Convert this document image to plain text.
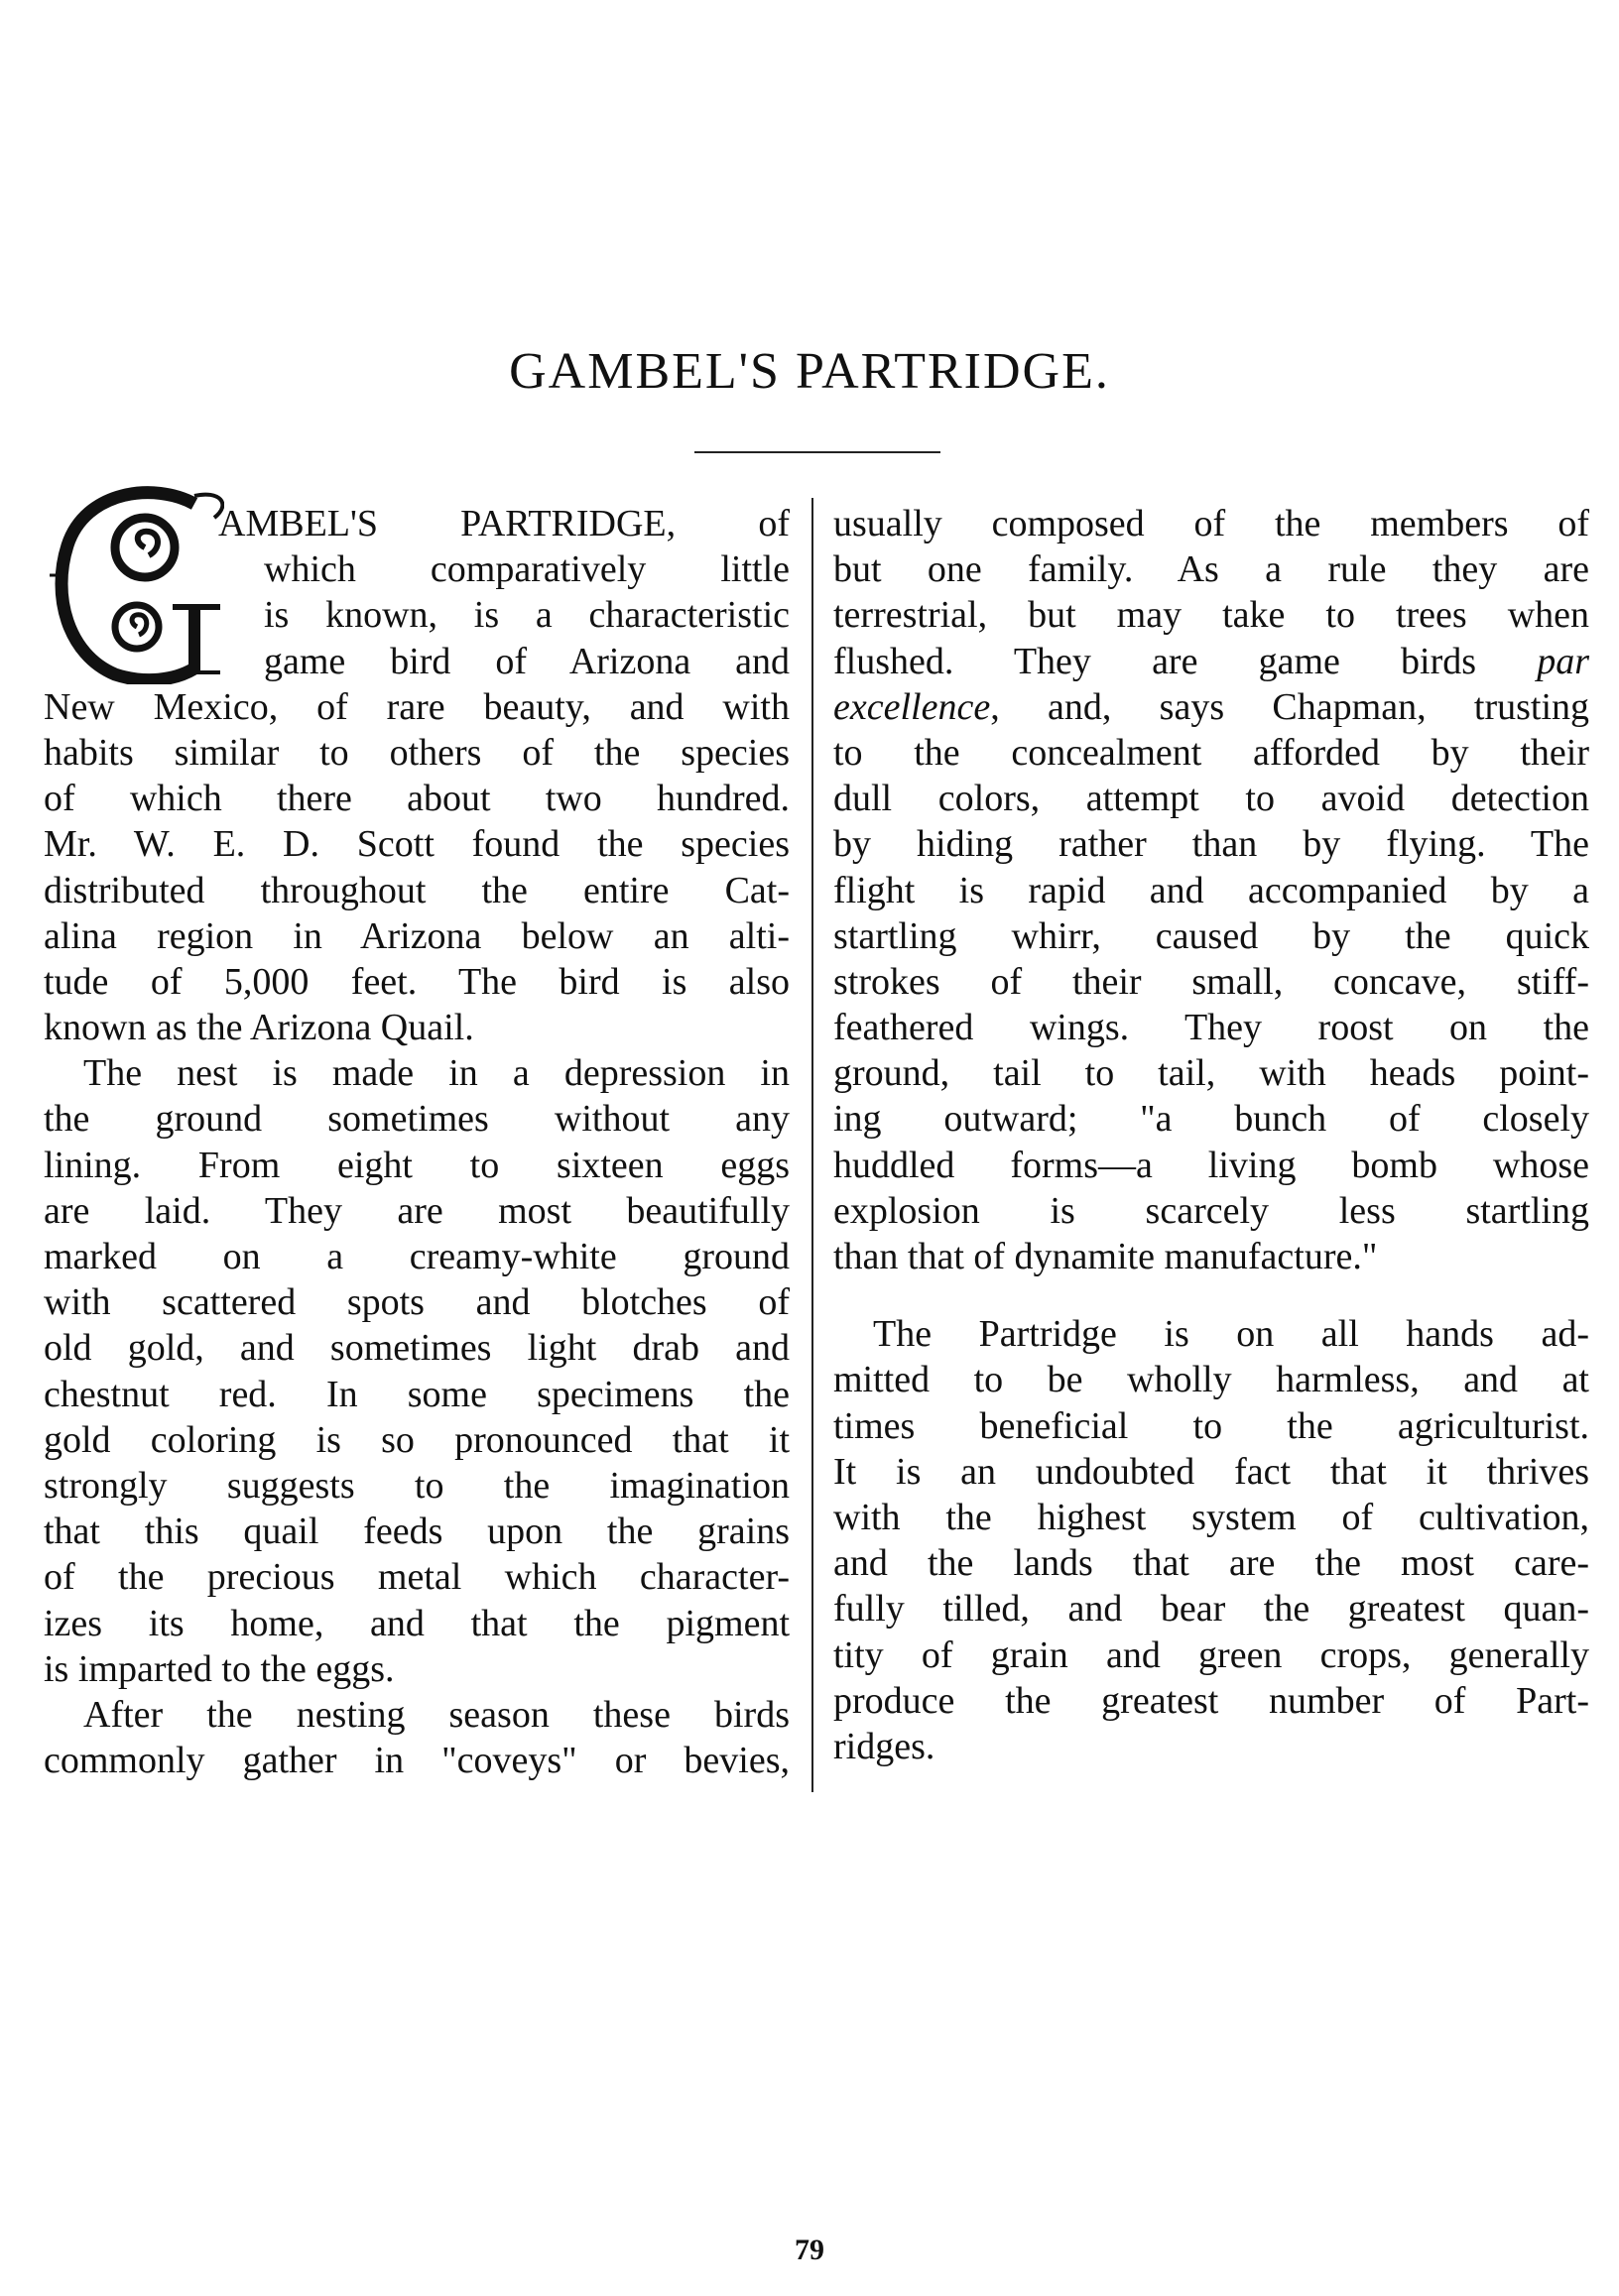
GAMBEL'S PARTRIDGE.
AMBEL'S PARTRIDGE, of
which comparatively little
is known, is a characteristic
game bird of Arizona and
New Mexico, of rare beauty, and with
habits similar to others of the species
of which there about two hundred.
Mr. W. E. D. Scott found the species
distributed throughout the entire Cat-
alina region in Arizona below an alti-
tude of 5,000 feet. The bird is also
known as the Arizona Quail.
The nest is made in a depression in
the ground sometimes without any
lining. From eight to sixteen eggs
are laid. They are most beautifully
marked on a creamy-white ground
with scattered spots and blotches of
old gold, and sometimes light drab and
chestnut red. In some specimens the
gold coloring is so pronounced that it
strongly suggests to the imagination
that this quail feeds upon the grains
of the precious metal which character-
izes its home, and that the pigment
is imparted to the eggs.
After the nesting season these birds
commonly gather in "coveys" or bevies,
usually composed of the members of
but one family. As a rule they are
terrestrial, but may take to trees when
flushed. They are game birds par
excellence, and, says Chapman, trusting
to the concealment afforded by their
dull colors, attempt to avoid detection
by hiding rather than by flying. The
flight is rapid and accompanied by a
startling whirr, caused by the quick
strokes of their small, concave, stiff-
feathered wings. They roost on the
ground, tail to tail, with heads point-
ing outward; "a bunch of closely
huddled forms—a living bomb whose
explosion is scarcely less startling
than that of dynamite manufacture."
The Partridge is on all hands ad-
mitted to be wholly harmless, and at
times beneficial to the agriculturist.
It is an undoubted fact that it thrives
with the highest system of cultivation,
and the lands that are the most care-
fully tilled, and bear the greatest quan-
tity of grain and green crops, generally
produce the greatest number of Part-
ridges.
79
